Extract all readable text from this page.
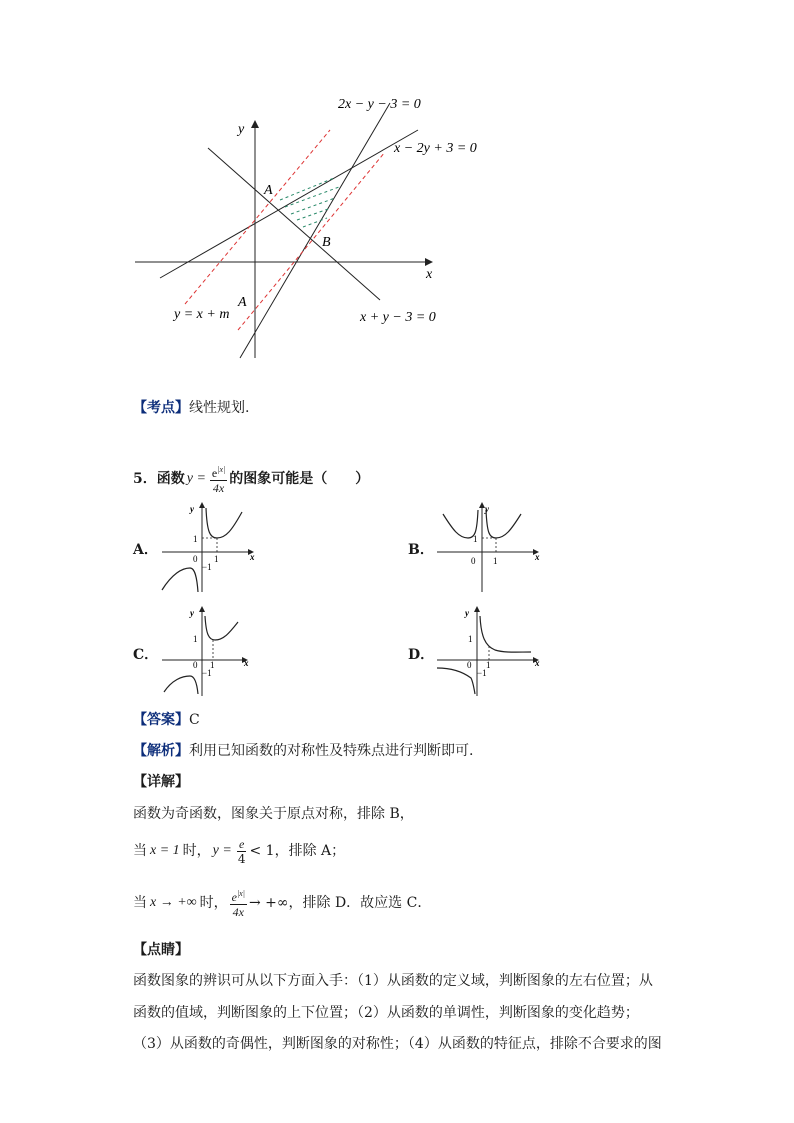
x
y
2x − y − 3 = 0
x − 2y + 3 = 0
x + y − 3 = 0
y = x + m
A
A
B
【考点】线性规划.
5． 函数 $y = \frac{e^{|x|}}{4x}$ 的图象可能是（　　）
A．	B．
C．	D．
y
x
0
1
1
−1
y
x
0
1
1
y
x
0
1
1
−1
y
x
0
1
1
−1
【答案】C
【解析】利用已知函数的对称性及特殊点进行判断即可.
【详解】
函数为奇函数，图象关于原点对称，排除 B，
当 x = 1 时， $y = \frac{e}{4} < 1$，排除 A；
当 x → +∞ 时， $\frac{e^{|x|}}{4x}$ → +∞，排除 D．故应选 C．
【点睛】
函数图象的辨识可从以下方面入手：（1）从函数的定义域，判断图象的左右位置；从
函数的值域，判断图象的上下位置；（2）从函数的单调性，判断图象的变化趋势；
（3）从函数的奇偶性，判断图象的对称性；（4）从函数的特征点，排除不合要求的图
